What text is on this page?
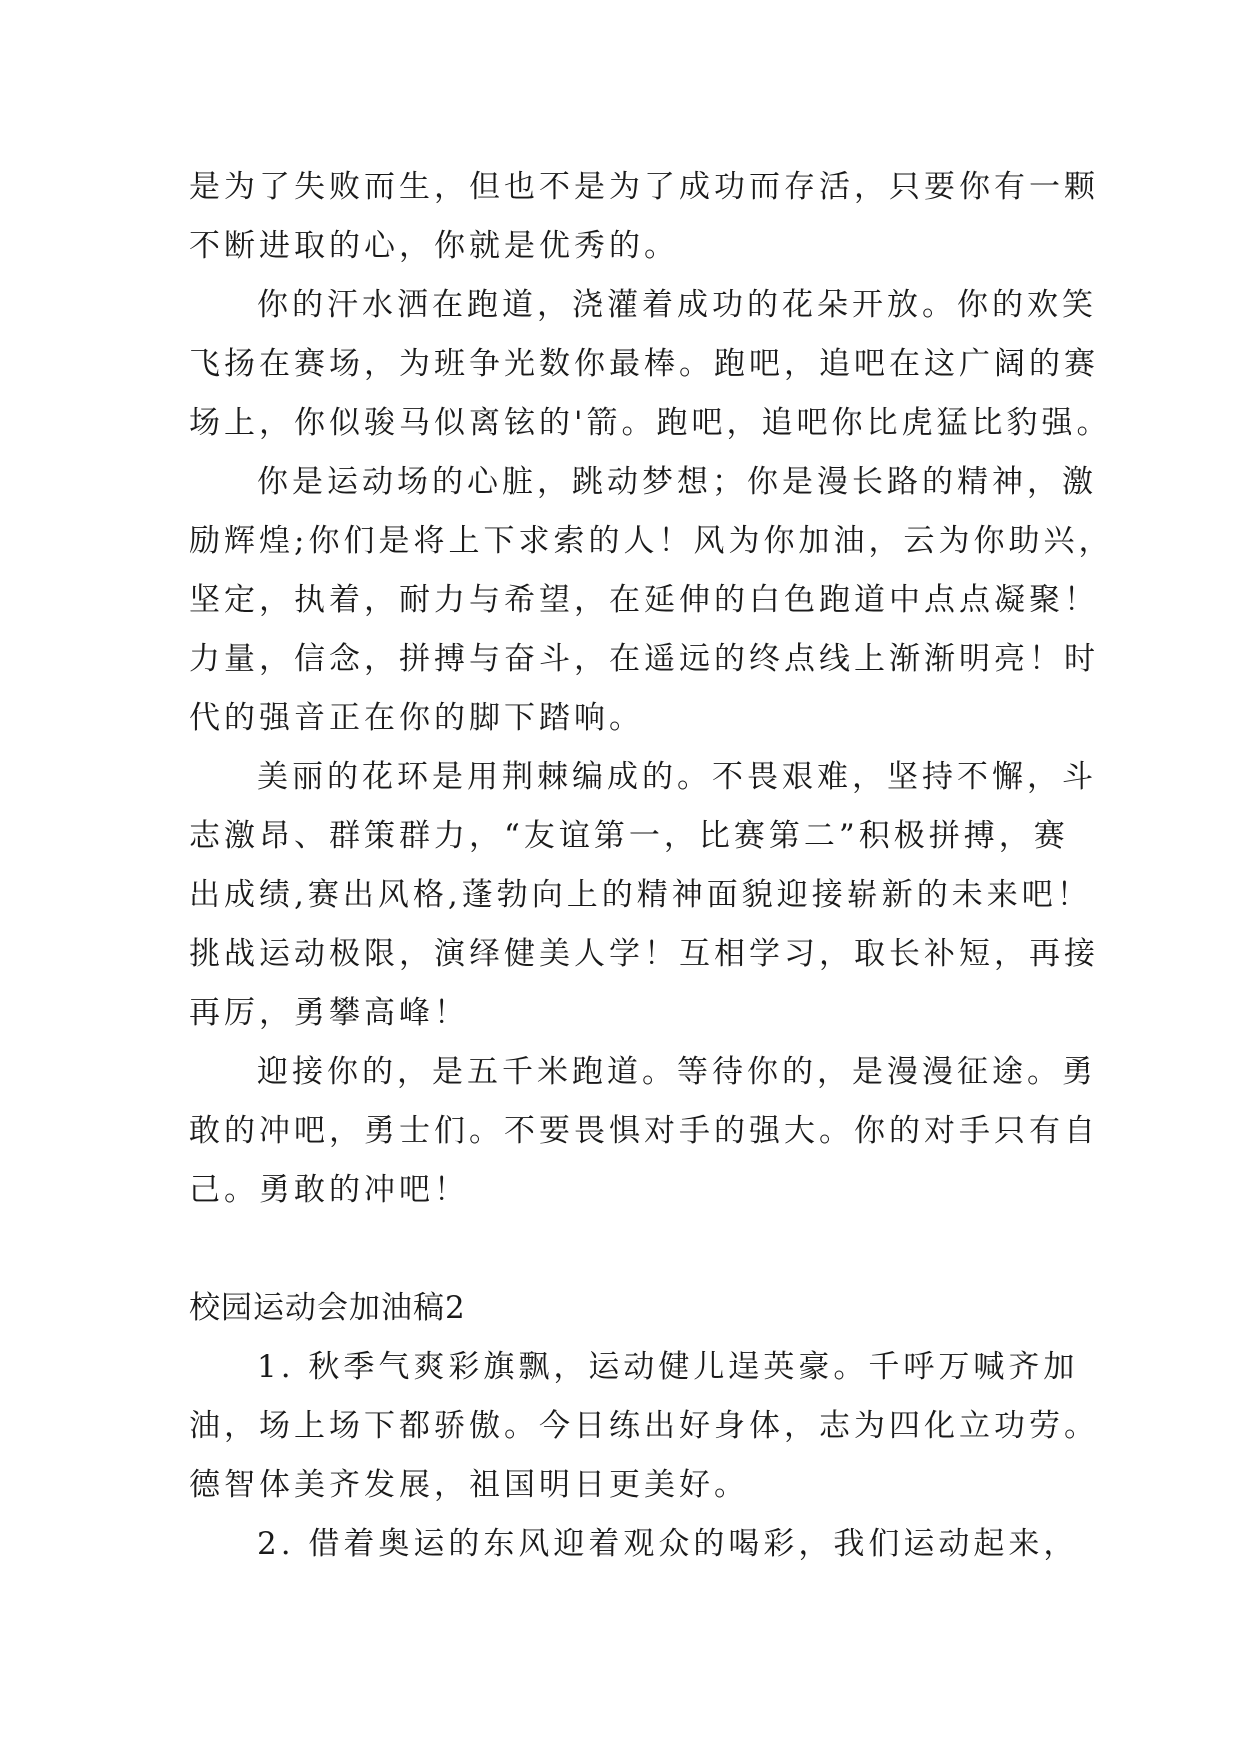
是为了失败而生，但也不是为了成功而存活，只要你有一颗
不断进取的心，你就是优秀的。
你的汗水洒在跑道，浇灌着成功的花朵开放。你的欢笑
飞扬在赛场，为班争光数你最棒。跑吧，追吧在这广阔的赛
场上，你似骏马似离铉的'箭。跑吧，追吧你比虎猛比豹强。
你是运动场的心脏，跳动梦想；你是漫长路的精神，激
励辉煌;你们是将上下求索的人！风为你加油，云为你助兴，
坚定，执着，耐力与希望，在延伸的白色跑道中点点凝聚！
力量，信念，拼搏与奋斗，在遥远的终点线上渐渐明亮！时
代的强音正在你的脚下踏响。
美丽的花环是用荆棘编成的。不畏艰难，坚持不懈，斗
志激昂、群策群力，“友谊第一，比赛第二”积极拼搏，赛
出成绩,赛出风格,蓬勃向上的精神面貌迎接崭新的未来吧！
挑战运动极限，演绎健美人学！互相学习，取长补短，再接
再厉，勇攀高峰！
迎接你的，是五千米跑道。等待你的，是漫漫征途。勇
敢的冲吧，勇士们。不要畏惧对手的强大。你的对手只有自
己。勇敢的冲吧！
校园运动会加油稿2
1. 秋季气爽彩旗飘，运动健儿逞英豪。千呼万喊齐加
油，场上场下都骄傲。今日练出好身体，志为四化立功劳。
德智体美齐发展，祖国明日更美好。
2. 借着奥运的东风迎着观众的喝彩，我们运动起来，
